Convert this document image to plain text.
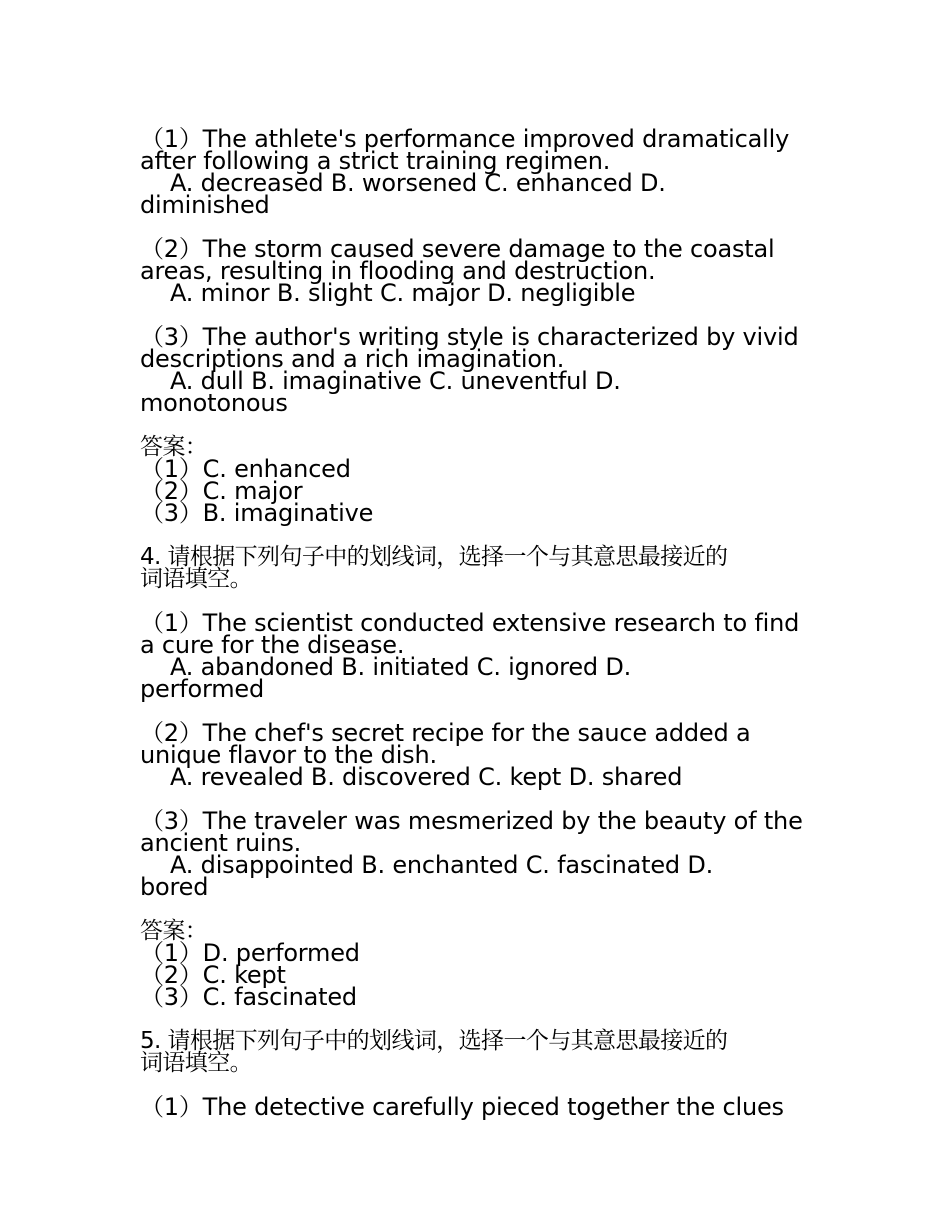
（1）The athlete's performance improved dramatically
after following a strict training regimen.
A. decreased B. worsened C. enhanced D.
diminished
（2）The storm caused severe damage to the coastal
areas, resulting in flooding and destruction.
A. minor B. slight C. major D. negligible
（3）The author's writing style is characterized by vivid
descriptions and a rich imagination.
A. dull B. imaginative C. uneventful D.
monotonous
答案：
（1）C. enhanced
（2）C. major
（3）B. imaginative
4. 请根据下列句子中的划线词，选择一个与其意思最接近的
词语填空。
（1）The scientist conducted extensive research to find
a cure for the disease.
A. abandoned B. initiated C. ignored D.
performed
（2）The chef's secret recipe for the sauce added a
unique flavor to the dish.
A. revealed B. discovered C. kept D. shared
（3）The traveler was mesmerized by the beauty of the
ancient ruins.
A. disappointed B. enchanted C. fascinated D.
bored
答案：
（1）D. performed
（2）C. kept
（3）C. fascinated
5. 请根据下列句子中的划线词，选择一个与其意思最接近的
词语填空。
（1）The detective carefully pieced together the clues
